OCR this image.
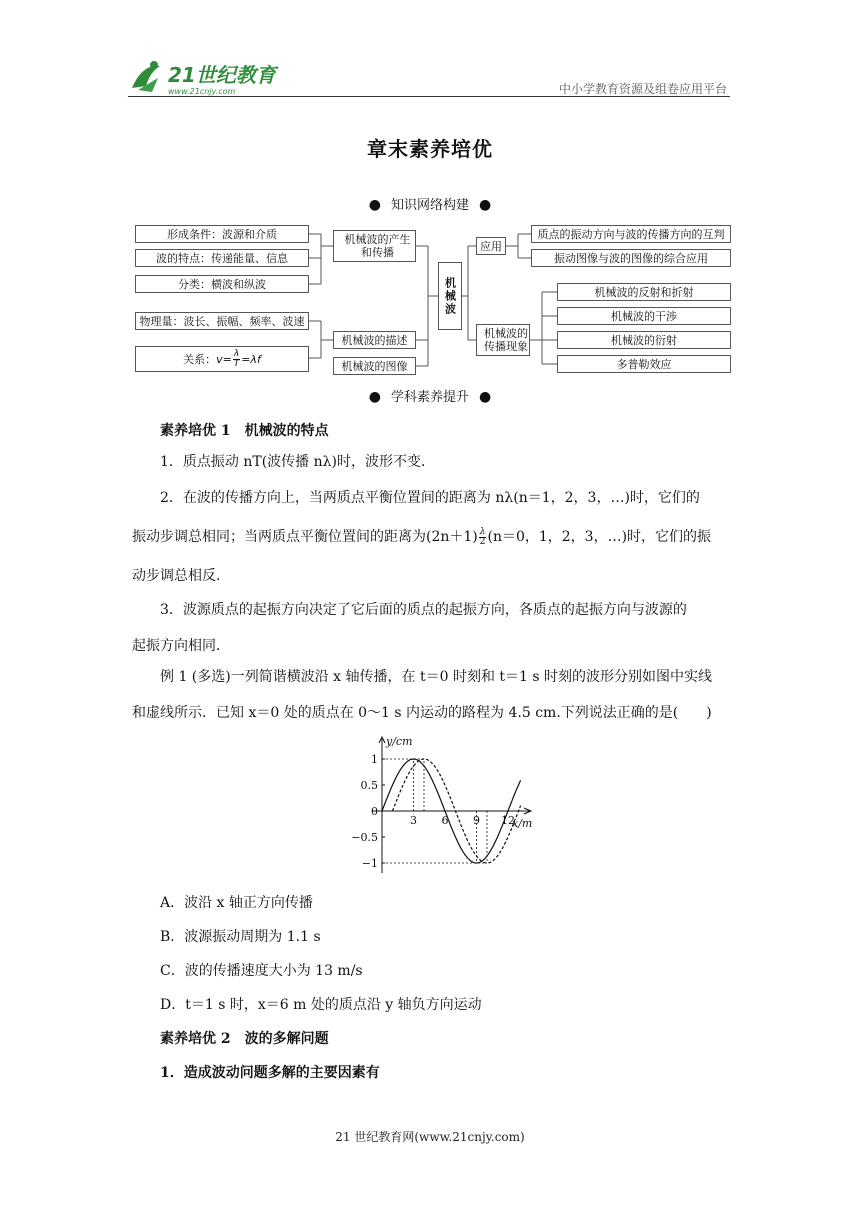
21世纪教育
www.21cnjy.com	中小学教育资源及组卷应用平台
章末素养培优
● 知识网络构建 ●
形成条件：波源和介质
波的特点：传递能量、信息
分类：横波和纵波
物理量：波长、振幅、频率、波速
关系： $v = \frac{\lambda}{T} =\lambda f$
机械波的产生和传播
机械波的描述
机械波的图像
机械波
应用
机械波的传播现象
质点的振动方向与波的传播方向的互判
振动图像与波的图像的综合应用
机械波的反射和折射
机械波的干涉
机械波的衍射
多普勒效应
● 学科素养提升 ●
素养培优 1　机械波的特点
1．质点振动 nT(波传播 nλ)时，波形不变．
2．在波的传播方向上，当两质点平衡位置间的距离为 nλ(n＝1，2，3，…)时，它们的
振动步调总相同；当两质点平衡位置间的距离为$(2n+1) \frac{\lambda}{2} (n=0$，1，2，3，…)时，它们的振
动步调总相反．
3．波源质点的起振方向决定了它后面的质点的起振方向，各质点的起振方向与波源的
起振方向相同．
例 1 (多选)一列简谐横波沿 x 轴传播，在 t＝0 时刻和 t＝1 s 时刻的波形分别如图中实线
和虚线所示．已知 x＝0 处的质点在 0～1 s 内运动的路程为 4.5 cm.下列说法正确的是(　　)
1
0.5
0
−0.5
−1
3 6 9 12
y/cm
x/m
A．波沿 x 轴正方向传播
B．波源振动周期为 1.1 s
C．波的传播速度大小为 13 m/s
D．t＝1 s 时，x＝6 m 处的质点沿 y 轴负方向运动
素养培优 2　波的多解问题
1．造成波动问题多解的主要因素有
21 世纪教育网(www.21cnjy.com)
